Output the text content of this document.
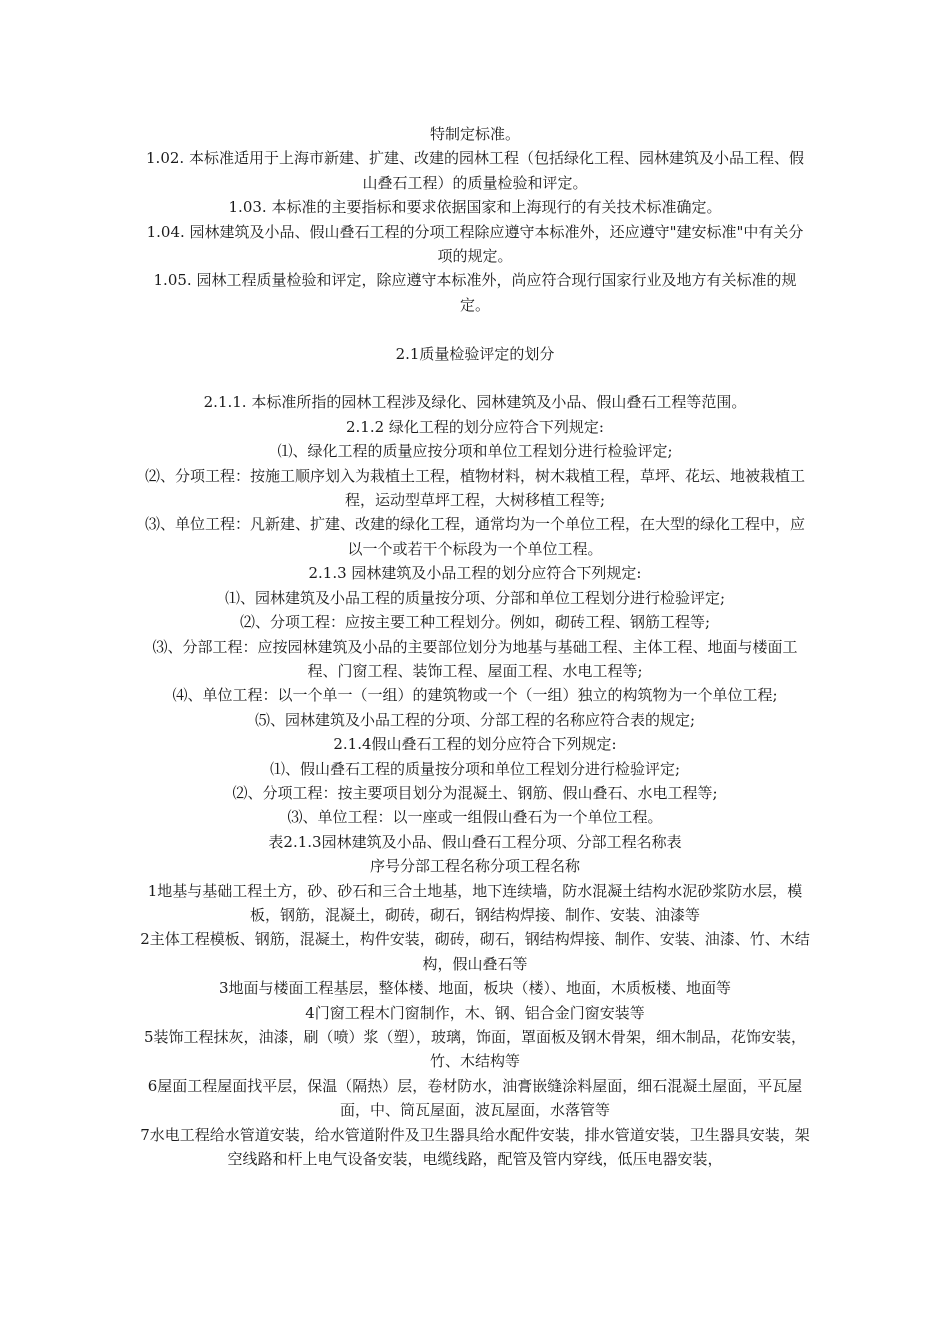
特制定标准。

1.02. 本标准适用于上海市新建、扩建、改建的园林工程（包括绿化工程、园林建筑及小品工程、假山叠石工程）的质量检验和评定。

1.03. 本标准的主要指标和要求依据国家和上海现行的有关技术标准确定。

1.04. 园林建筑及小品、假山叠石工程的分项工程除应遵守本标准外，还应遵守"建安标准"中有关分项的规定。

1.05. 园林工程质量检验和评定，除应遵守本标准外，尚应符合现行国家行业及地方有关标准的规定。

2.1质量检验评定的划分

2.1.1. 本标准所指的园林工程涉及绿化、园林建筑及小品、假山叠石工程等范围。

2.1.2 绿化工程的划分应符合下列规定:

⑴、绿化工程的质量应按分项和单位工程划分进行检验评定;

⑵、分项工程：按施工顺序划入为栽植土工程，植物材料，树木栽植工程，草坪、花坛、地被栽植工程，运动型草坪工程，大树移植工程等;

⑶、单位工程：凡新建、扩建、改建的绿化工程，通常均为一个单位工程，在大型的绿化工程中，应以一个或若干个标段为一个单位工程。

2.1.3 园林建筑及小品工程的划分应符合下列规定:

⑴、园林建筑及小品工程的质量按分项、分部和单位工程划分进行检验评定;

⑵、分项工程：应按主要工种工程划分。例如，砌砖工程、钢筋工程等;

⑶、分部工程：应按园林建筑及小品的主要部位划分为地基与基础工程、主体工程、地面与楼面工程、门窗工程、装饰工程、屋面工程、水电工程等;

⑷、单位工程：以一个单一（一组）的建筑物或一个（一组）独立的构筑物为一个单位工程;

⑸、园林建筑及小品工程的分项、分部工程的名称应符合表的规定;

2.1.4假山叠石工程的划分应符合下列规定:

⑴、假山叠石工程的质量按分项和单位工程划分进行检验评定;

⑵、分项工程：按主要项目划分为混凝土、钢筋、假山叠石、水电工程等;

⑶、单位工程：以一座或一组假山叠石为一个单位工程。

表2.1.3园林建筑及小品、假山叠石工程分项、分部工程名称表

序号分部工程名称分项工程名称

1地基与基础工程土方，砂、砂石和三合土地基，地下连续墙，防水混凝土结构水泥砂浆防水层，模板，钢筋，混凝土，砌砖，砌石，钢结构焊接、制作、安装、油漆等

2主体工程模板、钢筋，混凝土，构件安装，砌砖，砌石，钢结构焊接、制作、安装、油漆、竹、木结构，假山叠石等

3地面与楼面工程基层，整体楼、地面，板块（楼）、地面，木质板楼、地面等

4门窗工程木门窗制作，木、钢、铝合金门窗安装等

5装饰工程抹灰，油漆，刷（喷）浆（塑），玻璃，饰面，罩面板及钢木骨架，细木制品，花饰安装，竹、木结构等

6屋面工程屋面找平层，保温（隔热）层，卷材防水，油膏嵌缝涂料屋面，细石混凝土屋面，平瓦屋面，中、筒瓦屋面，波瓦屋面，水落管等

7水电工程给水管道安装，给水管道附件及卫生器具给水配件安装，排水管道安装，卫生器具安装，架空线路和杆上电气设备安装，电缆线路，配管及管内穿线，低压电器安装，
